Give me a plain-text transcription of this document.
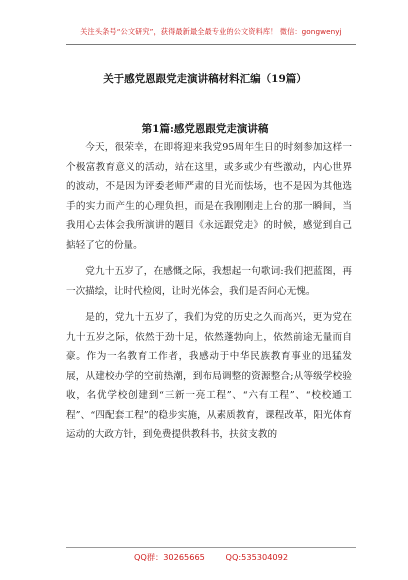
关注头条号“公文研究”，获得最新最全最专业的公文资料库！ 微信：gongwenyj
关于感党恩跟党走演讲稿材料汇编（19篇）
第1篇:感党恩跟党走演讲稿

今天，很荣幸，在即将迎来我党95周年生日的时刻参加这样一个极富教育意义的活动，站在这里，或多或少有些激动，内心世界的波动，不是因为评委老师严肃的目光而怯场，也不是因为其他选手的实力而产生的心理负担，而是在我刚刚走上台的那一瞬间，当我用心去体会我所演讲的题目《永远跟党走》的时候，感觉到自己掂轻了它的份量。

党九十五岁了，在感慨之际，我想起一句歌词:我们把蓝图，再一次描绘，让时代检阅，让时光体会，我们是否问心无愧。

是的，党九十五岁了，我们为党的历史之久而高兴，更为党在九十五岁之际，依然于劲十足，依然蓬勃向上，依然前途无量而自豪。作为一名教育工作者，我感动于中华民族教育事业的迅猛发展，从建校办学的空前热潮，到布局调整的资源整合;从等级学校验收，名优学校创建到“三新一亮工程”、“六有工程”、“校校通工程”、“四配套工程”的稳步实施，从素质教育，课程改革，阳光体育运动的大政方针，到免费提供教科书，扶贫支教的

QQ群：30265665	QQ:535304092
